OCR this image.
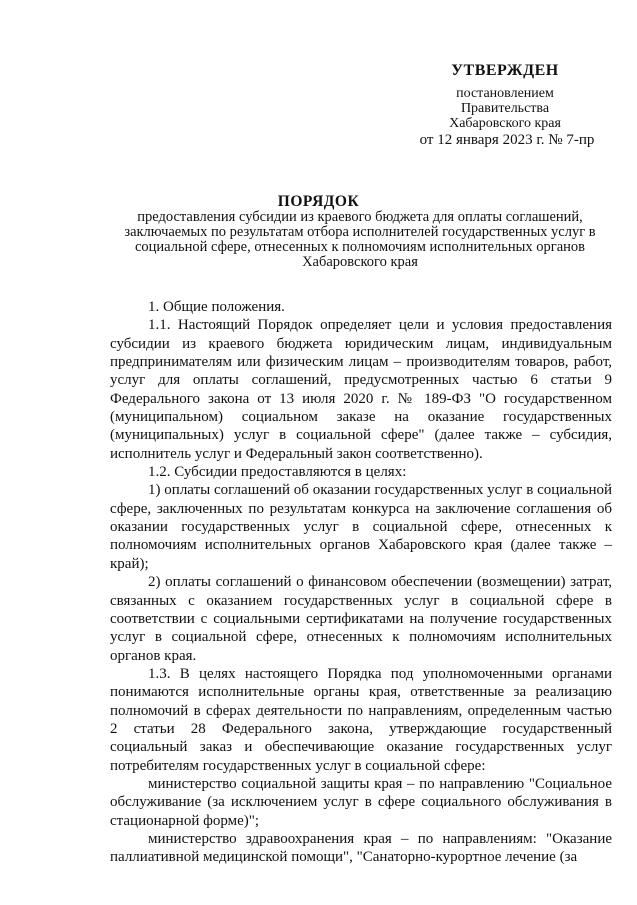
УТВЕРЖДЕН
постановлением
Правительства
Хабаровского края
от 12 января 2023 г. № 7-пр
ПОРЯДОК
предоставления субсидии из краевого бюджета для оплаты соглашений, заключаемых по результатам отбора исполнителей государственных услуг в социальной сфере, отнесенных к полномочиям исполнительных органов Хабаровского края

1. Общие положения.

1.1. Настоящий Порядок определяет цели и условия предоставления субсидии из краевого бюджета юридическим лицам, индивидуальным предпринимателям или физическим лицам – производителям товаров, работ, услуг для оплаты соглашений, предусмотренных частью 6 статьи 9 Федерального закона от 13 июля 2020 г. № 189-ФЗ "О государственном (муниципальном) социальном заказе на оказание государственных (муниципальных) услуг в социальной сфере" (далее также – субсидия, исполнитель услуг и Федеральный закон соответственно).

1.2. Субсидии предоставляются в целях:

1) оплаты соглашений об оказании государственных услуг в социальной сфере, заключенных по результатам конкурса на заключение соглашения об оказании государственных услуг в социальной сфере, отнесенных к полномочиям исполнительных органов Хабаровского края (далее также – край);

2) оплаты соглашений о финансовом обеспечении (возмещении) затрат, связанных с оказанием государственных услуг в социальной сфере в соответствии с социальными сертификатами на получение государственных услуг в социальной сфере, отнесенных к полномочиям исполнительных органов края.

1.3. В целях настоящего Порядка под уполномоченными органами понимаются исполнительные органы края, ответственные за реализацию полномочий в сферах деятельности по направлениям, определенным частью 2 статьи 28 Федерального закона, утверждающие государственный социальный заказ и обеспечивающие оказание государственных услуг потребителям государственных услуг в социальной сфере:

министерство социальной защиты края – по направлению "Социальное обслуживание (за исключением услуг в сфере социального обслуживания в стационарной форме)";

министерство здравоохранения края – по направлениям: "Оказание паллиативной медицинской помощи", "Санаторно-курортное лечение (за
